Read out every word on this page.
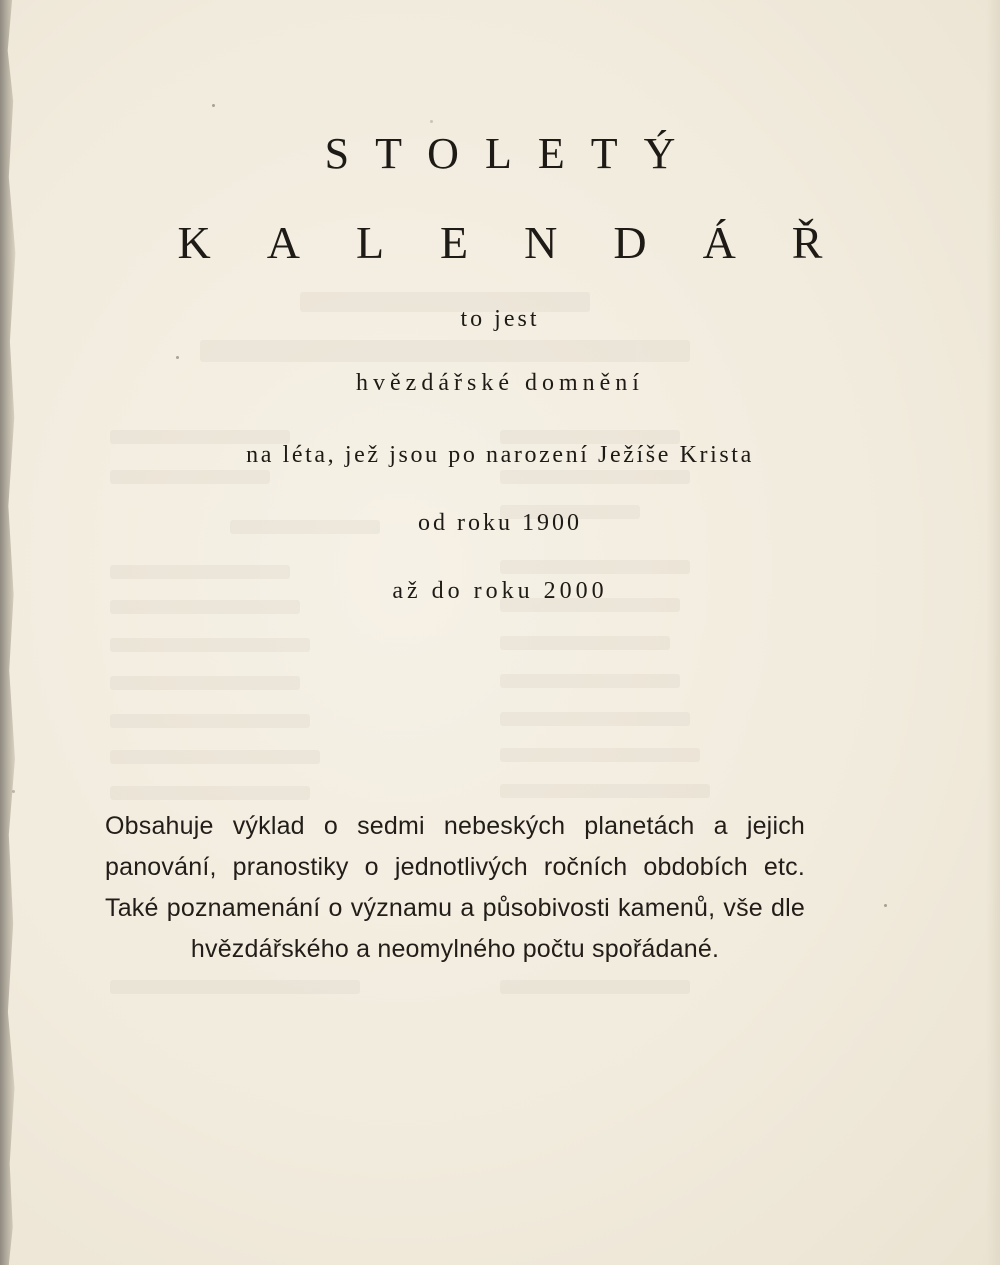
STOLETÝ
KALENDÁŘ
to jest
hvězdářské domnění
na léta, jež jsou po narození Ježíše Krista
od roku 1900
až do roku 2000
Obsahuje výklad o sedmi nebeských planetách a jejich panování, pranostiky o jednotlivých ročních obdobích etc. Také poznamenání o významu a působivosti kamenů, vše dle hvězdářského a neomylného počtu spořádané.
